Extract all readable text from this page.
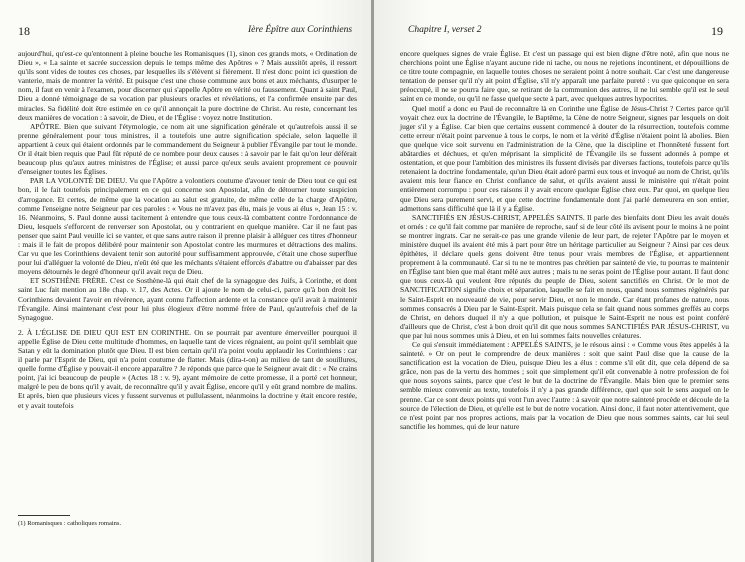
18	Ière Épître aux Corinthiens

aujourd'hui, qu'est-ce qu'entonnent à pleine bouche les Romanisques (1), sinon ces grands mots, « Ordination de Dieu », « La sainte et sacrée succession depuis le temps même des Apôtres » ? Mais aussitôt après, il ressort qu'ils sont vides de toutes ces choses, par lesquelles ils s'élèvent si fièrement. Il n'est donc point ici question de vanterie, mais de montrer la vérité. Et puisque c'est une chose commune aux bons et aux méchants, d'usurper le nom, il faut en venir à l'examen, pour discerner qui s'appelle Apôtre en vérité ou faussement. Quant à saint Paul, Dieu a donné témoignage de sa vocation par plusieurs oracles et révélations, et l'a confirmée ensuite par des miracles. Sa fidélité doit être estimée en ce qu'il annonçait la pure doctrine de Christ. Au reste, concernant les deux manières de vocation : à savoir, de Dieu, et de l'Église : voyez notre Institution.

APÔTRE. Bien que suivant l'étymologie, ce nom ait une signification générale et qu'autrefois aussi il se prenne généralement pour tous ministres, il a toutefois une autre signification spéciale, selon laquelle il appartient à ceux qui étaient ordonnés par le commandement du Seigneur à publier l'Évangile par tout le monde. Or il était bien requis que Paul fût réputé de ce nombre pour deux causes : à savoir par le fait qu'on leur déférait beaucoup plus qu'aux autres ministres de l'Église; et aussi parce qu'eux seuls avaient proprement ce pouvoir d'enseigner toutes les Églises.

PAR LA VOLONTÉ DE DIEU. Vu que l'Apôtre a volontiers coutume d'avouer tenir de Dieu tout ce qui est bon, il le fait toutefois principalement en ce qui concerne son Apostolat, afin de détourner toute suspicion d'arrogance. Et certes, de même que la vocation au salut est gratuite, de même celle de la charge d'Apôtre, comme l'enseigne notre Seigneur par ces paroles : « Vous ne m'avez pas élu, mais je vous ai élus », Jean 15 : v. 16. Néanmoins, S. Paul donne aussi tacitement à entendre que tous ceux-là combattent contre l'ordonnance de Dieu, lesquels s'efforcent de renverser son Apostolat, ou y contrarient en quelque manière. Car il ne faut pas penser que saint Paul veuille ici se vanter, et que sans autre raison il prenne plaisir à alléguer ces titres d'honneur : mais il le fait de propos délibéré pour maintenir son Apostolat contre les murmures et détractions des malins. Car vu que les Corinthiens devaient tenir son autorité pour suffisamment approuvée, c'était une chose superflue pour lui d'alléguer la volonté de Dieu, n'eût été que les méchants s'étaient efforcés d'abattre ou d'abaisser par des moyens détournés le degré d'honneur qu'il avait reçu de Dieu.

ET SOSTHÈNE FRÈRE. C'est ce Sosthène-là qui était chef de la synagogue des Juifs, à Corinthe, et dont saint Luc fait mention au 18e chap. v. 17, des Actes. Or il ajoute le nom de celui-ci, parce qu'à bon droit les Corinthiens devaient l'avoir en révérence, ayant connu l'affection ardente et la constance qu'il avait à maintenir l'Évangile. Ainsi maintenant c'est pour lui plus élogieux d'être nommé frère de Paul, qu'autrefois chef de la Synagogue.

2. À L'ÉGLISE DE DIEU QUI EST EN CORINTHE. On se pourrait par aventure émerveiller pourquoi il appelle Église de Dieu cette multitude d'hommes, en laquelle tant de vices régnaient, au point qu'il semblait que Satan y eût la domination plutôt que Dieu. Il est bien certain qu'il n'a point voulu applaudir les Corinthiens : car il parle par l'Esprit de Dieu, qui n'a point coutume de flatter. Mais (dira-t-on) au milieu de tant de souillures, quelle forme d'Église y pouvait-il encore apparaître ? Je réponds que parce que le Seigneur avait dit : « Ne crains point, j'ai ici beaucoup de peuple » (Actes 18 : v. 9), ayant mémoire de cette promesse, il a porté cet honneur, malgré le peu de bons qu'il y avait, de reconnaître qu'il y avait Église, encore qu'il y eût grand nombre de malins. Et après, bien que plusieurs vices y fussent survenus et pullulassent, néanmoins la doctrine y était encore restée, et y avait toutefois

(1) Romanisques : catholiques romains.
Chapitre I, verset 2	19

encore quelques signes de vraie Église. Et c'est un passage qui est bien digne d'être noté, afin que nous ne cherchions point une Église n'ayant aucune ride ni tache, ou nous ne rejetions incontinent, et dépouillions de ce titre toute compagnie, en laquelle toutes choses ne seraient point à notre souhait. Car c'est une dangereuse tentation de penser qu'il n'y ait point d'Église, s'il n'y apparaît une parfaite pureté : vu que quiconque en sera préoccupé, il ne se pourra faire que, se retirant de la communion des autres, il ne lui semble qu'il est le seul saint en ce monde, ou qu'il ne fasse quelque secte à part, avec quelques autres hypocrites.

Quel motif a donc eu Paul de reconnaître là en Corinthe une Église de Jésus-Christ ? Certes parce qu'il voyait chez eux la doctrine de l'Évangile, le Baptême, la Cène de notre Seigneur, signes par lesquels on doit juger s'il y a Église. Car bien que certains eussent commencé à douter de la résurrection, toutefois comme cette erreur n'était point parvenue à tous le corps, le nom et la vérité d'Église n'étaient point là abolies. Bien que quelque vice soit survenu en l'administration de la Cène, que la discipline et l'honnêteté fussent fort abâtardies et déchues, et qu'en méprisant la simplicité de l'Évangile ils se fussent adonnés à pompe et ostentation, et que pour l'ambition des ministres ils fussent divisés par diverses factions, toutefois parce qu'ils retenaient la doctrine fondamentale, qu'un Dieu était adoré parmi eux tous et invoqué au nom de Christ, qu'ils avaient mis leur fiance en Christ confiance de salut, et qu'ils avaient aussi le ministère qui n'était point entièrement corrompu : pour ces raisons il y avait encore quelque Église chez eux. Par quoi, en quelque lieu que Dieu sera purement servi, et que cette doctrine fondamentale dont j'ai parlé demeurera en son entier, admettons sans difficulté que là il y a Église.

SANCTIFIÉS EN JÉSUS-CHRIST, APPELÉS SAINTS. Il parle des bienfaits dont Dieu les avait doués et ornés : ce qu'il fait comme par manière de reproche, sauf si de leur côté ils avisent pour le moins à ne point se montrer ingrats. Car ne serait-ce pas une grande vilenie de leur part, de rejeter l'Apôtre par le moyen et ministère duquel ils avaient été mis à part pour être un héritage particulier au Seigneur ? Ainsi par ces deux épithètes, il déclare quels gens doivent être tenus pour vrais membres de l'Église, et appartiennent proprement à la communauté. Car si tu ne te montres pas chrétien par sainteté de vie, tu pourras te maintenir en l'Église tant bien que mal étant mêlé aux autres ; mais tu ne seras point de l'Église pour autant. Il faut donc que tous ceux-là qui veulent être réputés du peuple de Dieu, soient sanctifiés en Christ. Or le mot de SANCTIFICATION signifie choix et séparation, laquelle se fait en nous, quand nous sommes régénérés par le Saint-Esprit en nouveauté de vie, pour servir Dieu, et non le monde. Car étant profanes de nature, nous sommes consacrés à Dieu par le Saint-Esprit. Mais puisque cela se fait quand nous sommes greffés au corps de Christ, en dehors duquel il n'y a que pollution, et puisque le Saint-Esprit ne nous est point conféré d'ailleurs que de Christ, c'est à bon droit qu'il dit que nous sommes SANCTIFIÉS PAR JÉSUS-CHRIST, vu que par lui nous sommes unis à Dieu, et en lui sommes faits nouvelles créatures.

Ce qui s'ensuit immédiatement : APPELÉS SAINTS, je le résous ainsi : « Comme vous êtes appelés à la sainteté. » Or on peut le comprendre de deux manières : soit que saint Paul dise que la cause de la sanctification est la vocation de Dieu, puisque Dieu les a élus : comme s'il eût dit, que cela dépend de sa grâce, non pas de la vertu des hommes ; soit que simplement qu'il eût convenable à notre profession de foi que nous soyons saints, parce que c'est le but de la doctrine de l'Évangile. Mais bien que le premier sens semble mieux convenir au texte, toutefois il n'y a pas grande différence, quel que soit le sens auquel on le prenne. Car ce sont deux points qui vont l'un avec l'autre : à savoir que notre sainteté procède et découle de la source de l'élection de Dieu, et qu'elle est le but de notre vocation. Ainsi donc, il faut noter attentivement, que ce n'est point par nos propres actions, mais par la vocation de Dieu que nous sommes saints, car lui seul sanctifie les hommes, qui de leur nature
